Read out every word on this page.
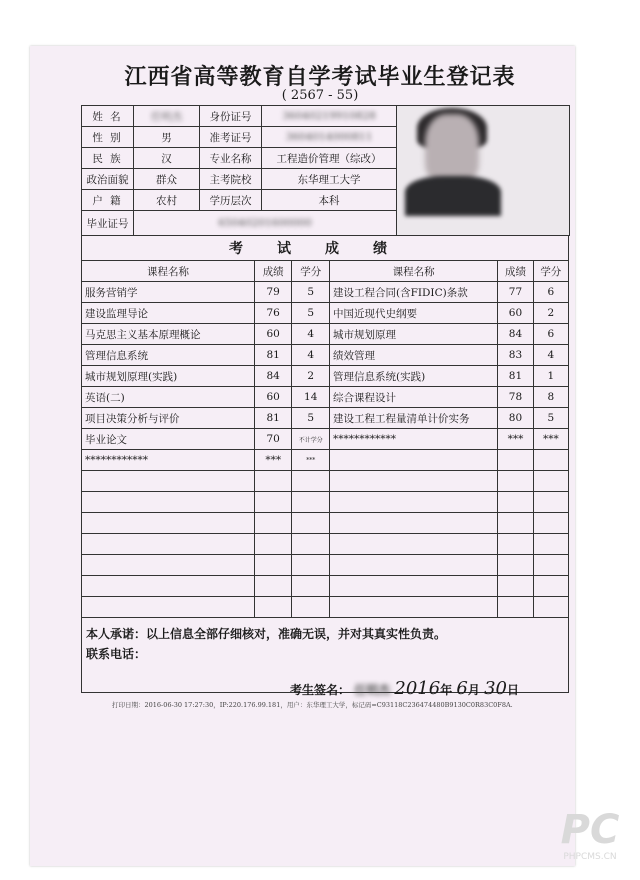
江西省高等教育自学考试毕业生登记表
( 2567 - 55)
姓 名	任明杰	身份证号	36040219910828	

性 别	男	准考证号	3604014000811	
民 族	汉	专业名称	工程造价管理（综改）	
政治面貌	群众	主考院校	东华理工大学	
户 籍	农村	学历层次	本科	
毕业证号	65040201600000			
考试成绩					
课程名称	成绩	学分	课程名称	成绩	学分
服务营销学	79	5	建设工程合同(含FIDIC)条款	77	6
建设监理导论	76	5	中国近现代史纲要	60	2
马克思主义基本原理概论	60	4	城市规划原理	84	6
管理信息系统	81	4	绩效管理	83	4
城市规划原理(实践)	84	2	管理信息系统(实践)	81	1
英语(二)	60	14	综合课程设计	78	8
项目决策分析与评价	81	5	建设工程工程量清单计价实务	80	5
毕业论文	70	不计学分	************	***	***
************	***	***			

本人承诺：以上信息全部仔细核对，准确无误，并对其真实性负责。
联系电话：					
考生签名： 任明杰 2016年 6月 30日
打印日期：2016-06-30 17:27:30，IP:220.176.99.181，用户：东华理工大学，标记码=C93118C236474480B9130C0R83C0F8A.
PC
PHPCMS.CN
